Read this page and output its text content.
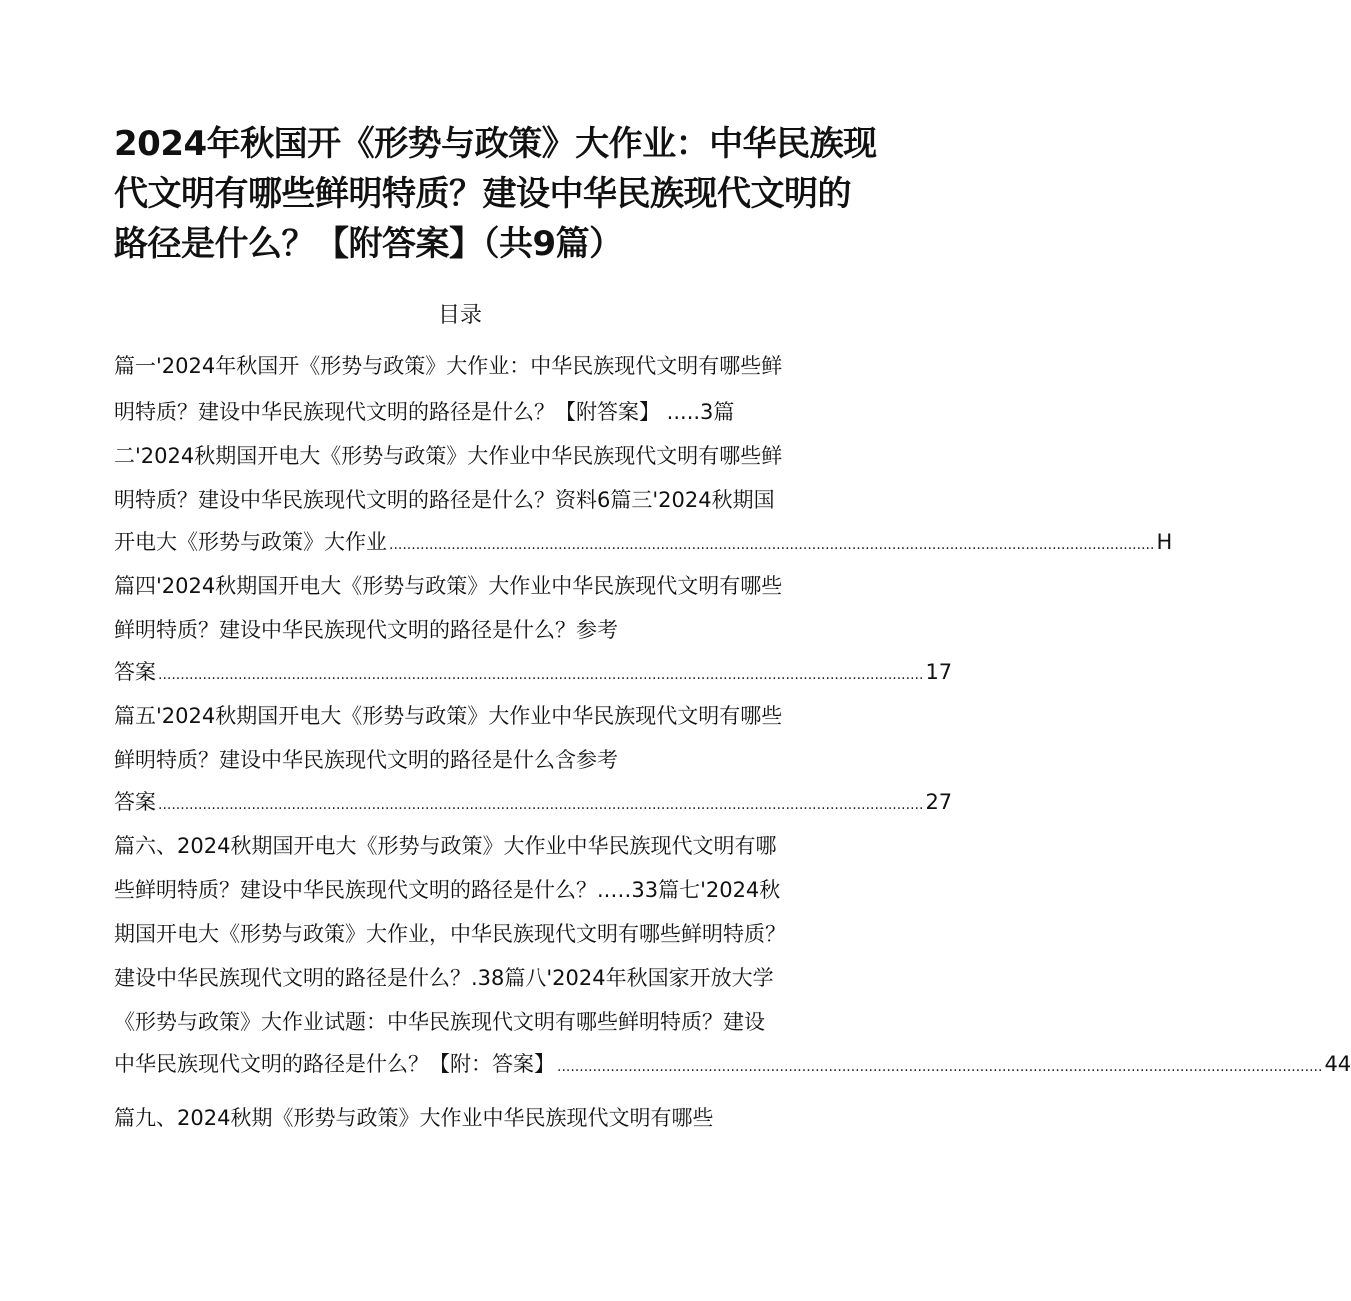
2024年秋国开《形势与政策》大作业：中华民族现
代文明有哪些鲜明特质？建设中华民族现代文明的
路径是什么？【附答案】（共9篇）
目录
篇一'2024年秋国开《形势与政策》大作业：中华民族现代文明有哪些鲜
明特质？建设中华民族现代文明的路径是什么？【附答案】 .....3篇
二'2024秋期国开电大《形势与政策》大作业中华民族现代文明有哪些鲜
明特质？建设中华民族现代文明的路径是什么？资料6篇三'2024秋期国
开电大《形势与政策》大作业 ............................................................................................................................................................................ H
篇四'2024秋期国开电大《形势与政策》大作业中华民族现代文明有哪些
鲜明特质？建设中华民族现代文明的路径是什么？参考
答案 ............................................................................................................................................................................ 17
篇五'2024秋期国开电大《形势与政策》大作业中华民族现代文明有哪些
鲜明特质？建设中华民族现代文明的路径是什么含参考
答案 ............................................................................................................................................................................ 27
篇六、2024秋期国开电大《形势与政策》大作业中华民族现代文明有哪
些鲜明特质？建设中华民族现代文明的路径是什么？..…33篇七'2024秋
期国开电大《形势与政策》大作业，中华民族现代文明有哪些鲜明特质？
建设中华民族现代文明的路径是什么？.38篇八'2024年秋国家开放大学
《形势与政策》大作业试题：中华民族现代文明有哪些鲜明特质？建设
中华民族现代文明的路径是什么？【附：答案】 ............................................................................................................................................................................ 44
篇九、2024秋期《形势与政策》大作业中华民族现代文明有哪些
